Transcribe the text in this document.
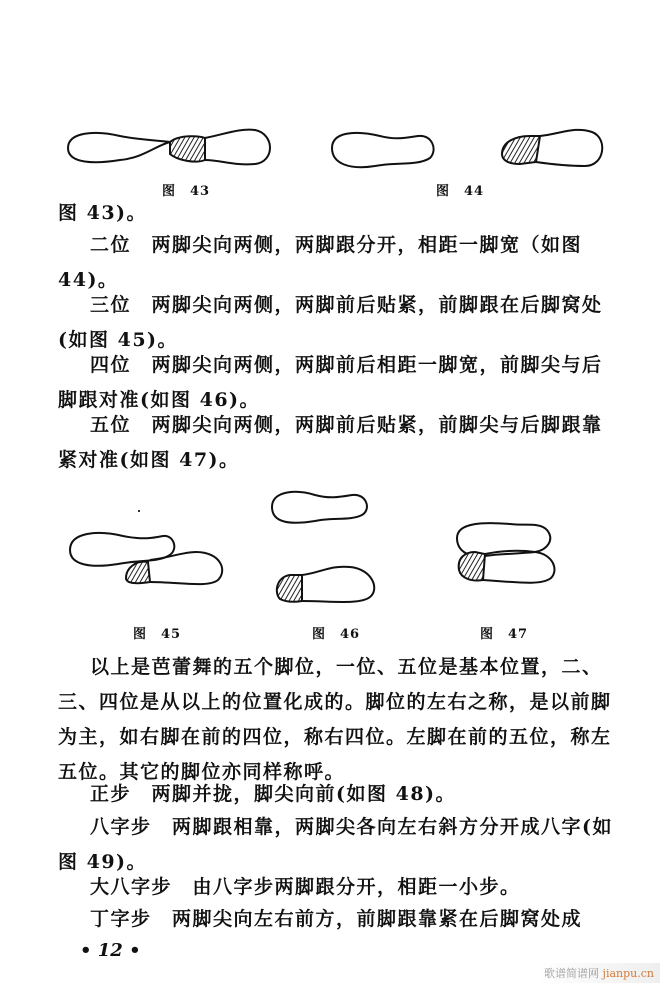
图 43	图 44
图 43)。
二位　两脚尖向两侧，两脚跟分开，相距一脚宽（如图44)。
三位　两脚尖向两侧，两脚前后贴紧，前脚跟在后脚窝处(如图 45)。
四位　两脚尖向两侧，两脚前后相距一脚宽，前脚尖与后脚跟对准(如图 46)。
五位　两脚尖向两侧，两脚前后贴紧，前脚尖与后脚跟靠紧对准(如图 47)。
图 45	图 46	图 47
以上是芭蕾舞的五个脚位，一位、五位是基本位置，二、三、四位是从以上的位置化成的。脚位的左右之称，是以前脚为主，如右脚在前的四位，称右四位。左脚在前的五位，称左五位。其它的脚位亦同样称呼。
正步　两脚并拢，脚尖向前(如图 48)。
八字步　两脚跟相靠，两脚尖各向左右斜方分开成八字(如图 49)。
大八字步　由八字步两脚跟分开，相距一小步。
丁字步　两脚尖向左右前方，前脚跟靠紧在后脚窝处成
• 12 •
歌谱简谱网 jianpu.cn
